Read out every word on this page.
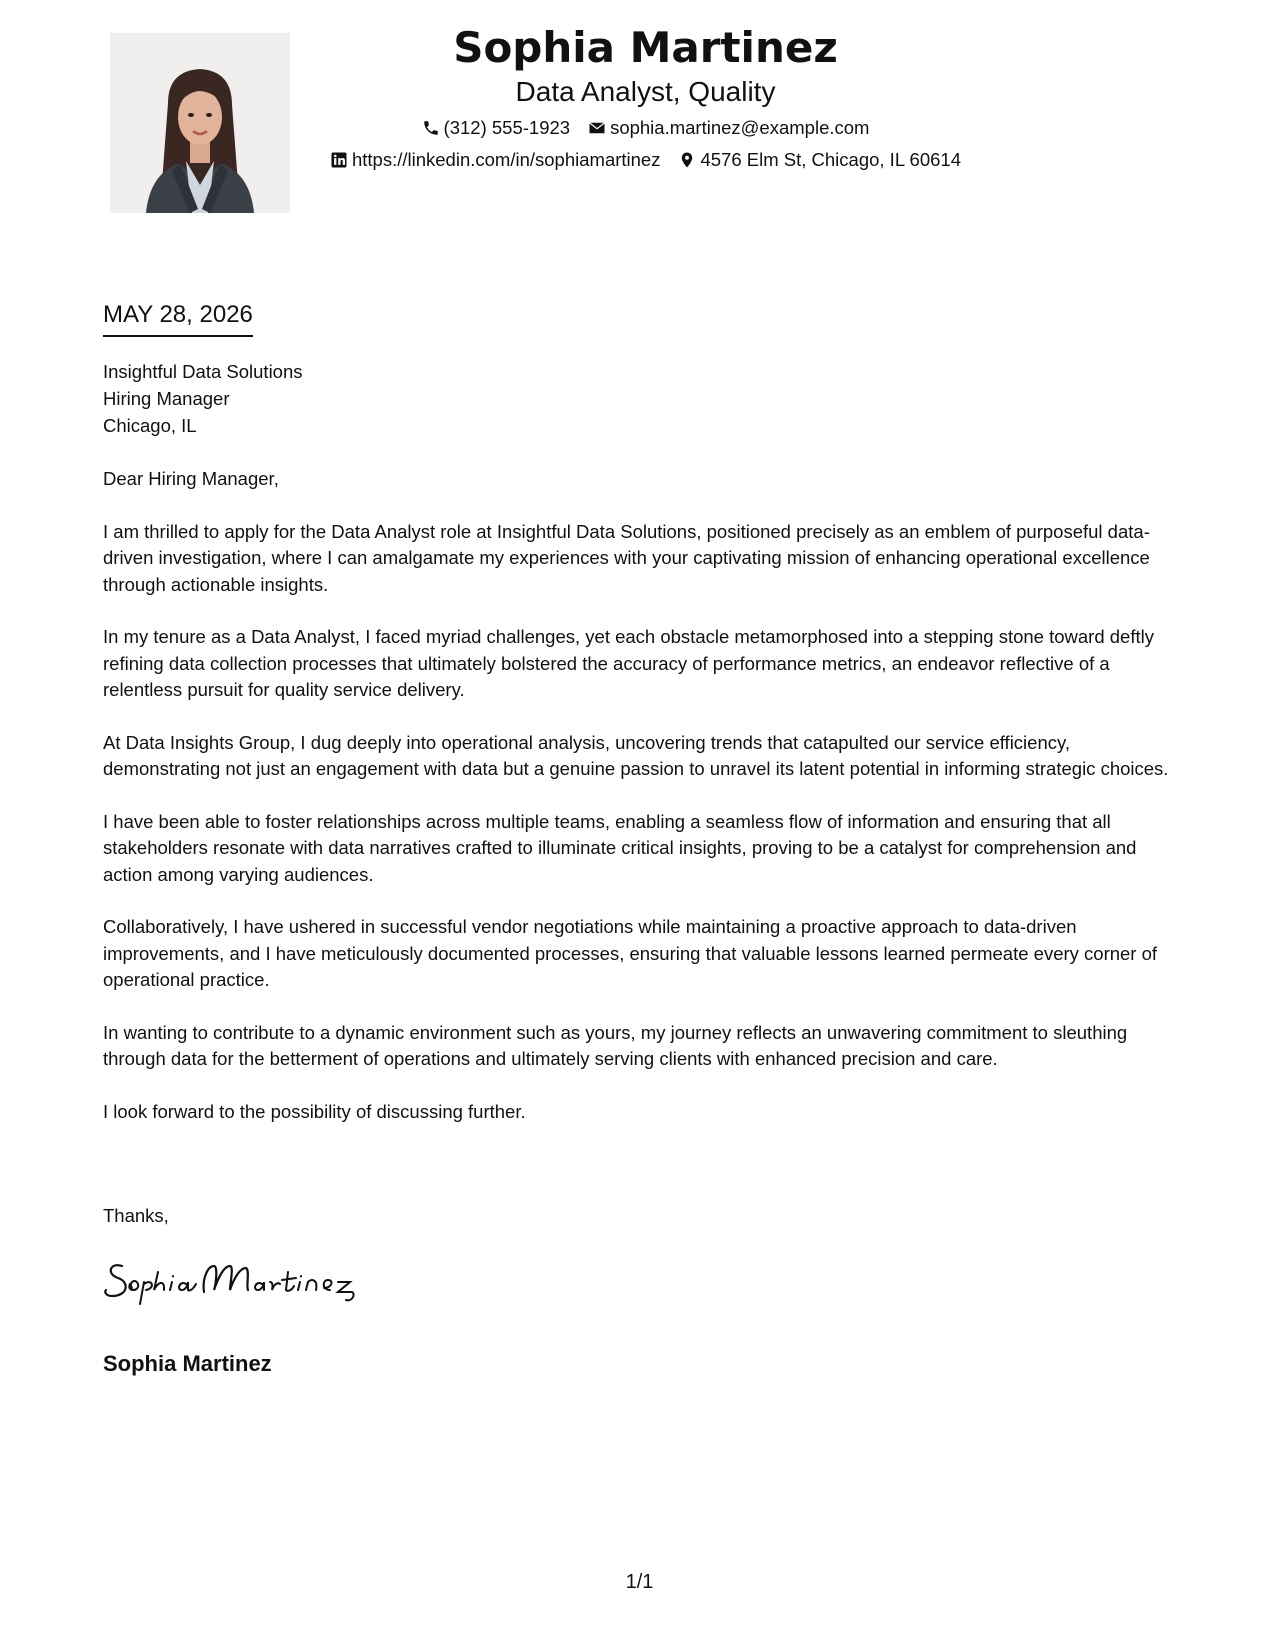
Sophia Martinez
Data Analyst, Quality
(312) 555-1923 sophia.martinez@example.com
https://linkedin.com/in/sophiamartinez 4576 Elm St, Chicago, IL 60614
MAY 28, 2026
Insightful Data Solutions
Hiring Manager
Chicago, IL

Dear Hiring Manager,

I am thrilled to apply for the Data Analyst role at Insightful Data Solutions, positioned precisely as an emblem of purposeful data-driven investigation, where I can amalgamate my experiences with your captivating mission of enhancing operational excellence through actionable insights.

In my tenure as a Data Analyst, I faced myriad challenges, yet each obstacle metamorphosed into a stepping stone toward deftly refining data collection processes that ultimately bolstered the accuracy of performance metrics, an endeavor reflective of a relentless pursuit for quality service delivery.

At Data Insights Group, I dug deeply into operational analysis, uncovering trends that catapulted our service efficiency, demonstrating not just an engagement with data but a genuine passion to unravel its latent potential in informing strategic choices.

I have been able to foster relationships across multiple teams, enabling a seamless flow of information and ensuring that all stakeholders resonate with data narratives crafted to illuminate critical insights, proving to be a catalyst for comprehension and action among varying audiences.

Collaboratively, I have ushered in successful vendor negotiations while maintaining a proactive approach to data-driven improvements, and I have meticulously documented processes, ensuring that valuable lessons learned permeate every corner of operational practice.

In wanting to contribute to a dynamic environment such as yours, my journey reflects an unwavering commitment to sleuthing through data for the betterment of operations and ultimately serving clients with enhanced precision and care.

I look forward to the possibility of discussing further.

Thanks,
Sophia Martinez
1/1
